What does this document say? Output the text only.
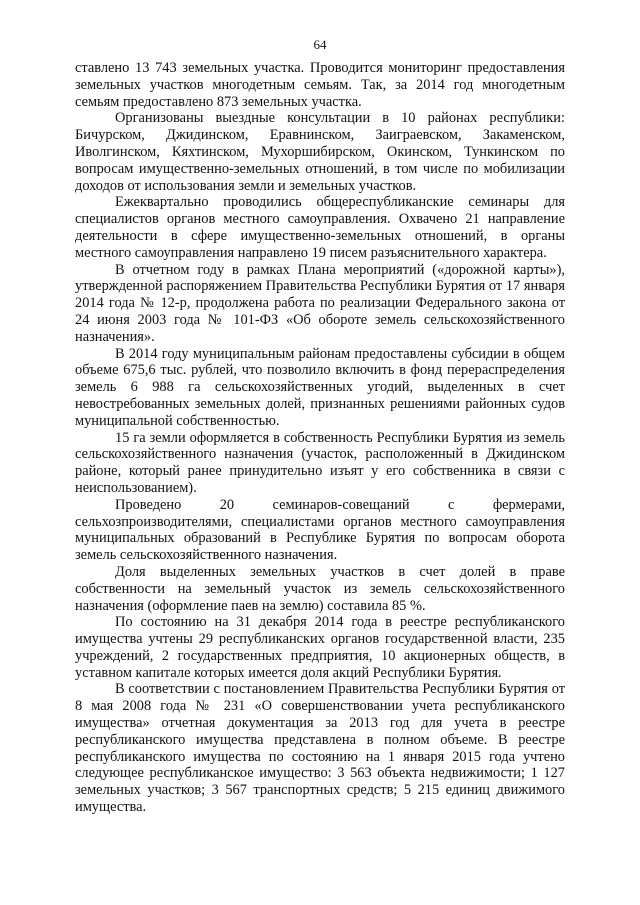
64

ставлено 13 743 земельных участка. Проводится мониторинг предоставления земельных участков многодетным семьям. Так, за 2014 год многодетным семьям предоставлено 873 земельных участка.

Организованы выездные консультации в 10 районах республики: Бичурском, Джидинском, Еравнинском, Заиграевском, Закаменском, Иволгинском, Кяхтинском, Мухоршибирском, Окинском, Тункинском по вопросам имущественно-земельных отношений, в том числе по мобилизации доходов от использования земли и земельных участков.

Ежеквартально проводились общереспубликанские семинары для специалистов органов местного самоуправления. Охвачено 21 направление деятельности в сфере имущественно-земельных отношений, в органы местного самоуправления направлено 19 писем разъяснительного характера.

В отчетном году в рамках Плана мероприятий («дорожной карты»), утвержденной распоряжением Правительства Республики Бурятия от 17 января 2014 года № 12-р, продолжена работа по реализации Федерального закона от 24 июня 2003 года № 101-ФЗ «Об обороте земель сельскохозяйственного назначения».

В 2014 году муниципальным районам предоставлены субсидии в общем объеме 675,6 тыс. рублей, что позволило включить в фонд перераспределения земель 6 988 га сельскохозяйственных угодий, выделенных в счет невостребованных земельных долей, признанных решениями районных судов муниципальной собственностью.

15 га земли оформляется в собственность Республики Бурятия из земель сельскохозяйственного назначения (участок, расположенный в Джидинском районе, который ранее принудительно изъят у его собственника в связи с неиспользованием).

Проведено 20 семинаров-совещаний с фермерами, сельхозпроизводителями, специалистами органов местного самоуправления муниципальных образований в Республике Бурятия по вопросам оборота земель сельскохозяйственного назначения.

Доля выделенных земельных участков в счет долей в праве собственности на земельный участок из земель сельскохозяйственного назначения (оформление паев на землю) составила 85 %.

По состоянию на 31 декабря 2014 года в реестре республиканского имущества учтены 29 республиканских органов государственной власти, 235 учреждений, 2 государственных предприятия, 10 акционерных обществ, в уставном капитале которых имеется доля акций Республики Бурятия.

В соответствии с постановлением Правительства Республики Бурятия от 8 мая 2008 года № 231 «О совершенствовании учета республиканского имущества» отчетная документация за 2013 год для учета в реестре республиканского имущества представлена в полном объеме. В реестре республиканского имущества по состоянию на 1 января 2015 года учтено следующее республиканское имущество: 3 563 объекта недвижимости; 1 127 земельных участков; 3 567 транспортных средств; 5 215 единиц движимого имущества.
